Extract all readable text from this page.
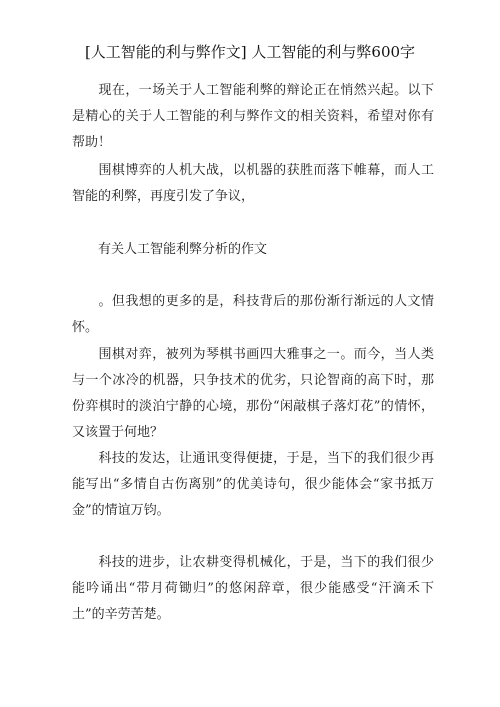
[人工智能的利与弊作文] 人工智能的利与弊600字
现在，一场关于人工智能利弊的辩论正在悄然兴起。以下是精心的关于人工智能的利与弊作文的相关资料，希望对你有帮助！
围棋博弈的人机大战，以机器的获胜而落下帷幕，而人工智能的利弊，再度引发了争议，
有关人工智能利弊分析的作文
。但我想的更多的是，科技背后的那份渐行渐远的人文情怀。
围棋对弈，被列为琴棋书画四大雅事之一。而今，当人类与一个冰冷的机器，只争技术的优劣，只论智商的高下时，那份弈棋时的淡泊宁静的心境，那份“闲敲棋子落灯花”的情怀，又该置于何地？
科技的发达，让通讯变得便捷，于是，当下的我们很少再能写出“多情自古伤离别”的优美诗句，很少能体会“家书抵万金”的情谊万钧。
科技的进步，让农耕变得机械化，于是，当下的我们很少能吟诵出“带月荷锄归”的悠闲辞章，很少能感受“汗滴禾下土”的辛劳苦楚。
